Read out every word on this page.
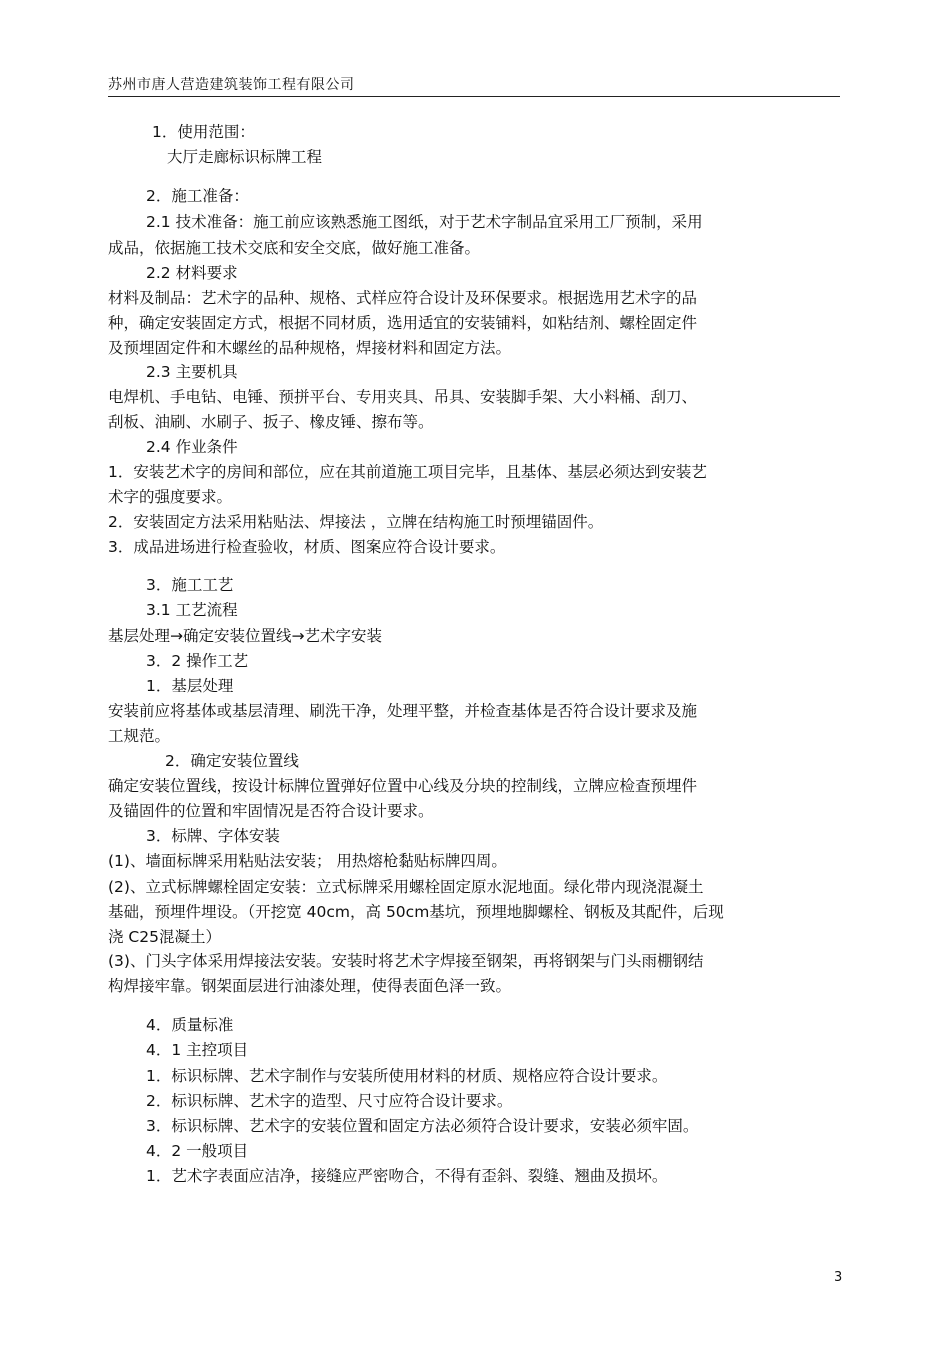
苏州市唐人营造建筑装饰工程有限公司
1．使用范围：
大厅走廊标识标牌工程
2．施工准备：
2.1 技术准备：施工前应该熟悉施工图纸，对于艺术字制品宜采用工厂预制，采用
成品，依据施工技术交底和安全交底，做好施工准备。
2.2 材料要求
材料及制品：艺术字的品种、规格、式样应符合设计及环保要求。根据选用艺术字的品
种，确定安装固定方式，根据不同材质，选用适宜的安装铺料，如粘结剂、螺栓固定件
及预埋固定件和木螺丝的品种规格，焊接材料和固定方法。
2.3 主要机具
电焊机、手电钻、电锤、预拼平台、专用夹具、吊具、安装脚手架、大小料桶、刮刀、
刮板、油刷、水刷子、扳子、橡皮锤、擦布等。
2.4 作业条件
1．安装艺术字的房间和部位，应在其前道施工项目完毕，且基体、基层必须达到安装艺
术字的强度要求。
2．安装固定方法采用粘贴法、焊接法 ，立牌在结构施工时预埋锚固件。
3．成品进场进行检查验收，材质、图案应符合设计要求。
3．施工工艺
3.1 工艺流程
基层处理→确定安装位置线→艺术字安装
3．2 操作工艺
1．基层处理
安装前应将基体或基层清理、刷洗干净，处理平整，并检查基体是否符合设计要求及施
工规范。
2．确定安装位置线
确定安装位置线，按设计标牌位置弹好位置中心线及分块的控制线，立牌应检查预埋件
及锚固件的位置和牢固情况是否符合设计要求。
3．标牌、字体安装
(1)、墙面标牌采用粘贴法安装； 用热熔枪黏贴标牌四周。
(2)、立式标牌螺栓固定安装：立式标牌采用螺栓固定原水泥地面。绿化带内现浇混凝土
基础，预埋件埋设。（开挖宽 40cm，高 50cm基坑，预埋地脚螺栓、钢板及其配件，后现
浇 C25混凝土）
(3)、门头字体采用焊接法安装。安装时将艺术字焊接至钢架，再将钢架与门头雨棚钢结
构焊接牢靠。钢架面层进行油漆处理，使得表面色泽一致。
4．质量标准
4．1 主控项目
1．标识标牌、艺术字制作与安装所使用材料的材质、规格应符合设计要求。
2．标识标牌、艺术字的造型、尺寸应符合设计要求。
3．标识标牌、艺术字的安装位置和固定方法必须符合设计要求，安装必须牢固。
4．2 一般项目
1．艺术字表面应洁净，接缝应严密吻合，不得有歪斜、裂缝、翘曲及损坏。
3
